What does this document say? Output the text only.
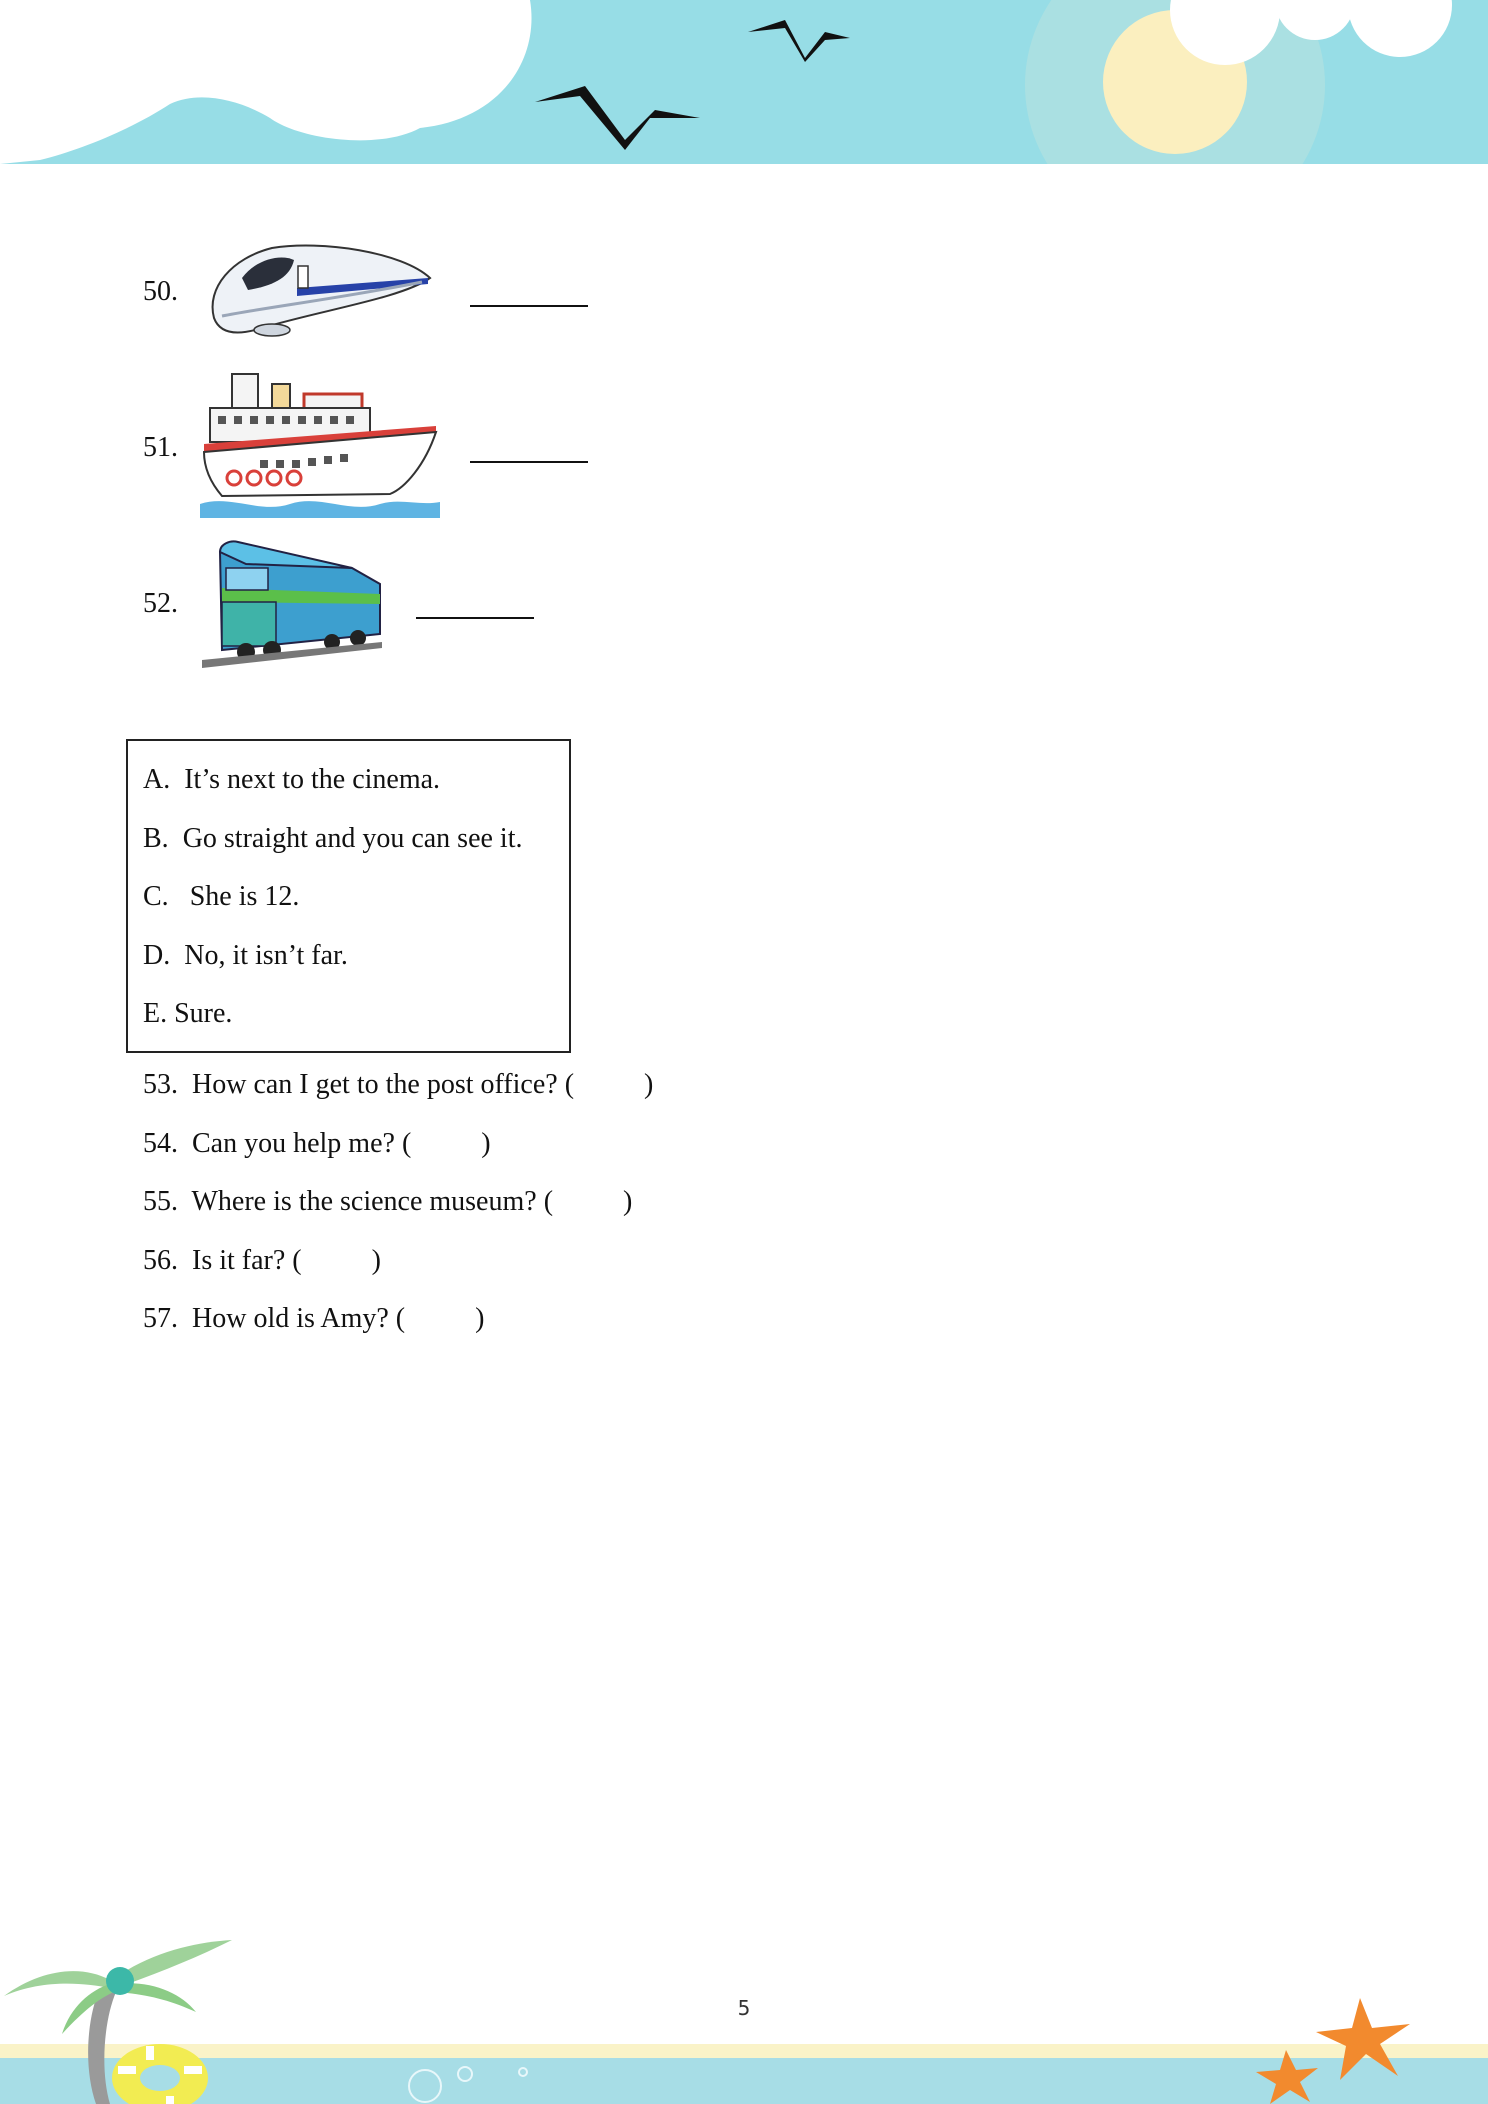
50.
51.
52.
A. It’s next to the cinema.
B. Go straight and you can see it.
C.   She is 12.
D. No, it isn’t far.
E. Sure.
53. How can I get to the post office? (          )
54. Can you help me? (          )
55. Where is the science museum? (          )
56. Is it far? (          )
57. How old is Amy? (          )
5
